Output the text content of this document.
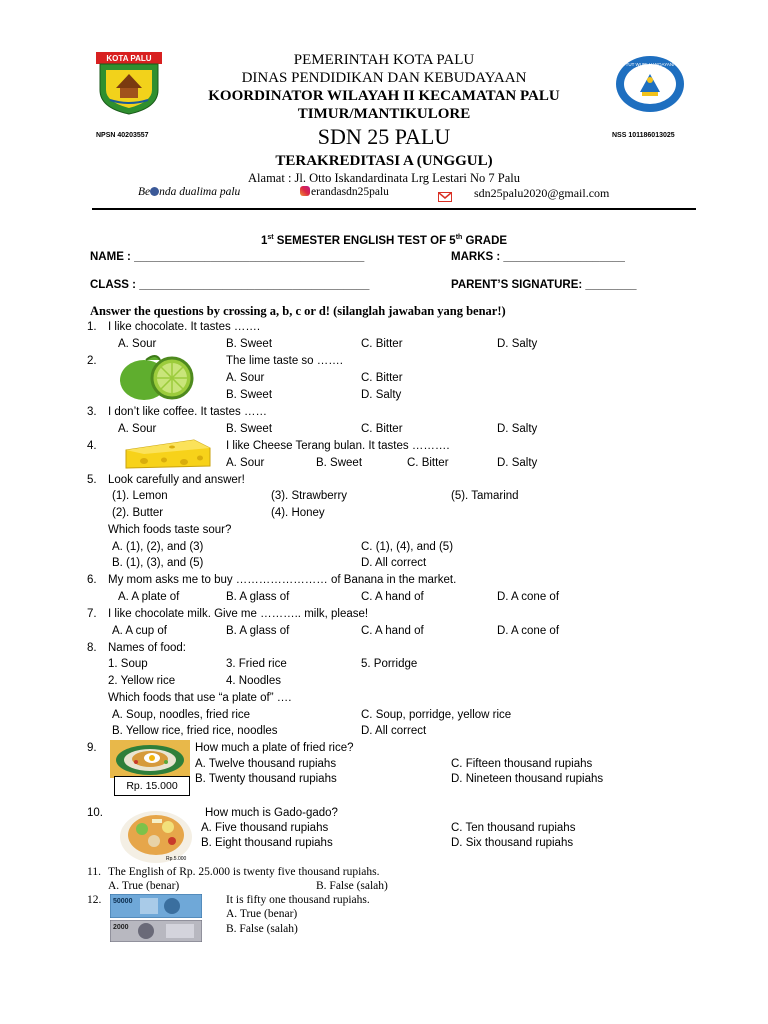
KOTA PALU	PEMERINTAH KOTA PALU
DINAS PENDIDIKAN DAN KEBUDAYAAN
KOORDINATOR WILAYAH II KECAMATAN PALU
TIMUR/MANTIKULORE
TUT WURI HANDAYANI
NPSN 40203557	SDN 25 PALU	NSS 101186013025
TERAKREDITASI A (UNGGUL)
Alamat : Jl. Otto Iskandardinata Lrg Lestari No 7 Palu
Be nda dualima palu	erandasdn25palu	sdn25palu2020@gmail.com
1st SEMESTER ENGLISH TEST OF 5th GRADE
NAME : ____________________________________	MARKS : ___________________
CLASS : ____________________________________	PARENT’S SIGNATURE: ________
Answer the questions by crossing a, b, c or d! (silanglah jawaban yang benar!)
1. I like chocolate. It tastes …….
A. Sour	B. Sweet	C. Bitter	D. Salty
2.	The lime taste so …….
A. Sour	C. Bitter
B. Sweet	D. Salty
3. I don’t like coffee. It tastes ……
A. Sour	B. Sweet	C. Bitter	D. Salty
4.	I like Cheese Terang bulan. It tastes ……….
A. Sour	B. Sweet	C. Bitter	D. Salty
5. Look carefully and answer!
(1). Lemon	(3). Strawberry	(5). Tamarind
(2). Butter	(4). Honey
Which foods taste sour?
A. (1), (2), and (3)	C. (1), (4), and (5)
B. (1), (3), and (5)	D. All correct
6. My mom asks me to buy …………………… of Banana in the market.
A. A plate of	B. A glass of	C. A hand of	D. A cone of
7. I like chocolate milk. Give me ……….. milk, please!
A. A cup of	B. A glass of	C. A hand of	D. A cone of
8. Names of food:
1. Soup	3. Fried rice	5. Porridge
2. Yellow rice	4. Noodles
Which foods that use “a plate of” ….
A. Soup, noodles, fried rice	C. Soup, porridge, yellow rice
B. Yellow rice, fried rice, noodles	D. All correct
9.
Rp. 15.000
How much a plate of fried rice?
A. Twelve thousand rupiahs	C. Fifteen thousand rupiahs
B. Twenty thousand rupiahs	D. Nineteen thousand rupiahs
10.
Rp.5.000
How much is Gado-gado?
A. Five thousand rupiahs	C. Ten thousand rupiahs
B. Eight thousand rupiahs	D. Six thousand rupiahs
11. The English of Rp. 25.000 is twenty five thousand rupiahs.
A. True (benar)	B. False (salah)
12. 50000
2000
It is fifty one thousand rupiahs.
A. True (benar)
B. False (salah)
